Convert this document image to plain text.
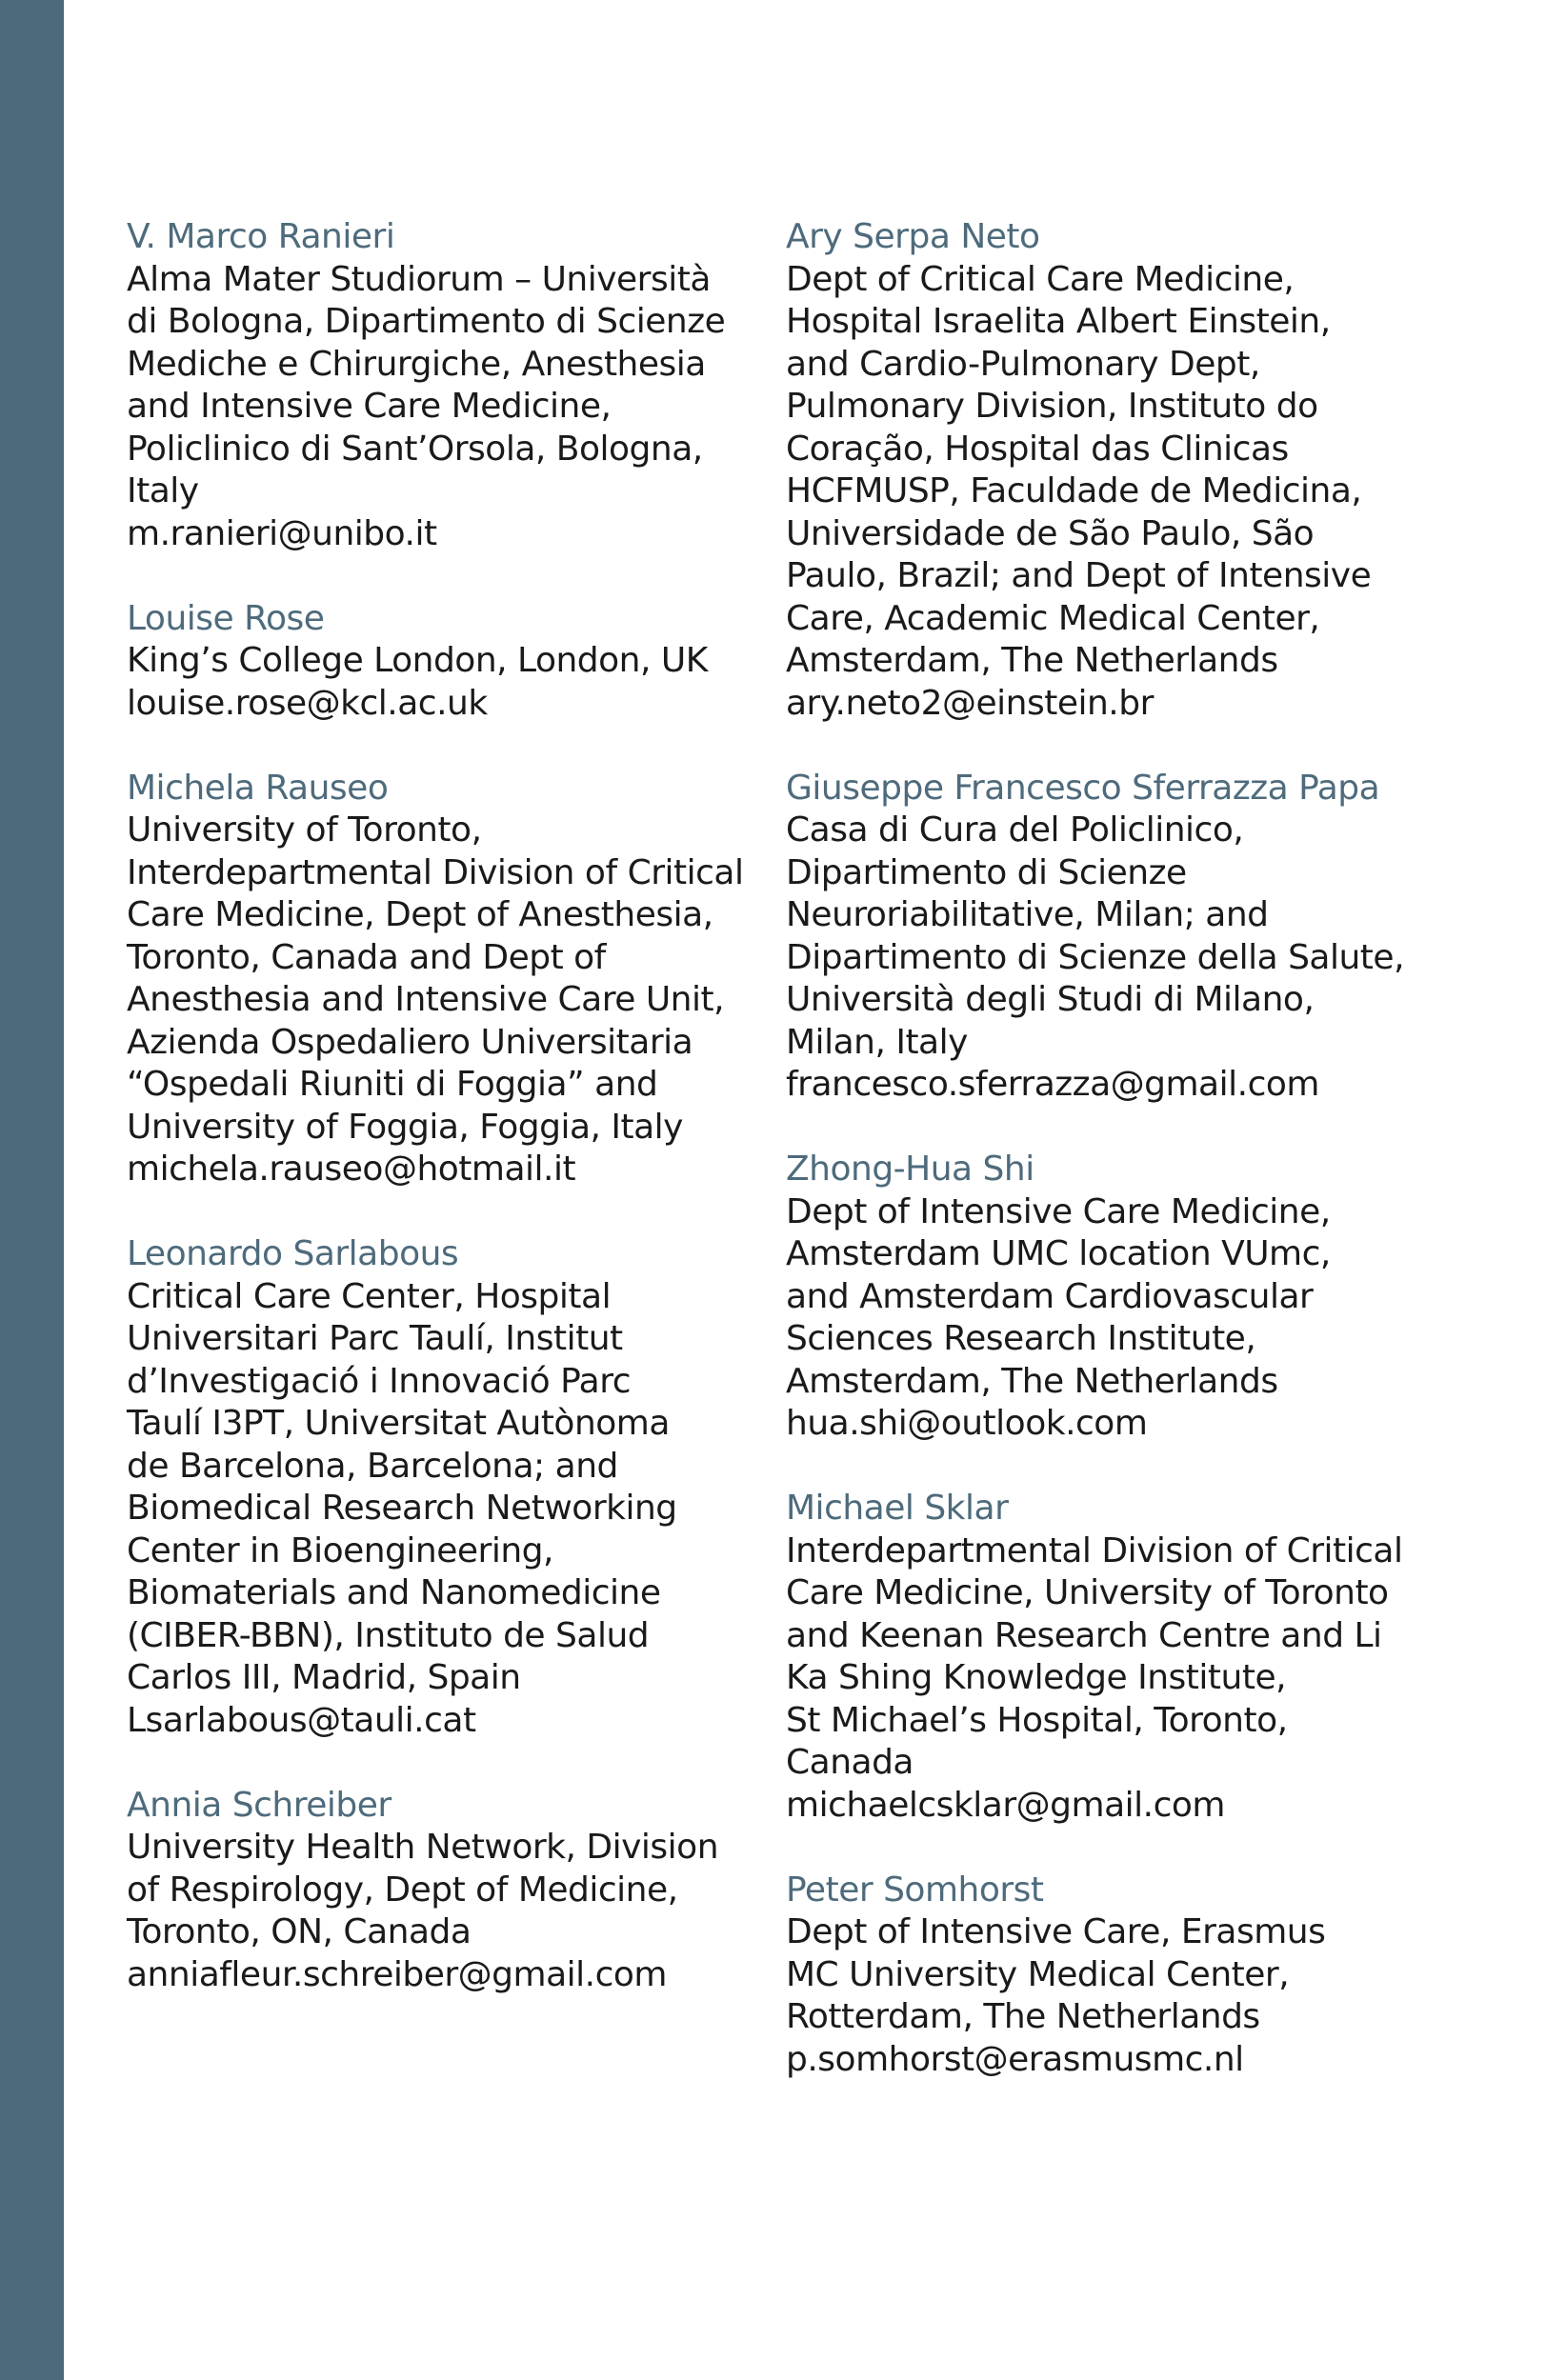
V. Marco Ranieri
Alma Mater Studiorum – Università
di Bologna, Dipartimento di Scienze
Mediche e Chirurgiche, Anesthesia
and Intensive Care Medicine,
Policlinico di Sant’Orsola, Bologna,
Italy
m.ranieri@unibo.it
Louise Rose
King’s College London, London, UK
louise.rose@kcl.ac.uk
Michela Rauseo
University of Toronto,
Interdepartmental Division of Critical
Care Medicine, Dept of Anesthesia,
Toronto, Canada and Dept of
Anesthesia and Intensive Care Unit,
Azienda Ospedaliero Universitaria
“Ospedali Riuniti di Foggia” and
University of Foggia, Foggia, Italy
michela.rauseo@hotmail.it
Leonardo Sarlabous
Critical Care Center, Hospital
Universitari Parc Taulí, Institut
d’Investigació i Innovació Parc
Taulí I3PT, Universitat Autònoma
de Barcelona, Barcelona; and
Biomedical Research Networking
Center in Bioengineering,
Biomaterials and Nanomedicine
(CIBER-BBN), Instituto de Salud
Carlos III, Madrid, Spain
Lsarlabous@tauli.cat
Annia Schreiber
University Health Network, Division
of Respirology, Dept of Medicine,
Toronto, ON, Canada
anniafleur.schreiber@gmail.com
Ary Serpa Neto
Dept of Critical Care Medicine,
Hospital Israelita Albert Einstein,
and Cardio-Pulmonary Dept,
Pulmonary Division, Instituto do
Coração, Hospital das Clinicas
HCFMUSP, Faculdade de Medicina,
Universidade de São Paulo, São
Paulo, Brazil; and Dept of Intensive
Care, Academic Medical Center,
Amsterdam, The Netherlands
ary.neto2@einstein.br
Giuseppe Francesco Sferrazza Papa
Casa di Cura del Policlinico,
Dipartimento di Scienze
Neuroriabilitative, Milan; and
Dipartimento di Scienze della Salute,
Università degli Studi di Milano,
Milan, Italy
francesco.sferrazza@gmail.com
Zhong-Hua Shi
Dept of Intensive Care Medicine,
Amsterdam UMC location VUmc,
and Amsterdam Cardiovascular
Sciences Research Institute,
Amsterdam, The Netherlands
hua.shi@outlook.com
Michael Sklar
Interdepartmental Division of Critical
Care Medicine, University of Toronto
and Keenan Research Centre and Li
Ka Shing Knowledge Institute,
St Michael’s Hospital, Toronto,
Canada
michaelcsklar@gmail.com
Peter Somhorst
Dept of Intensive Care, Erasmus
MC University Medical Center,
Rotterdam, The Netherlands
p.somhorst@erasmusmc.nl
